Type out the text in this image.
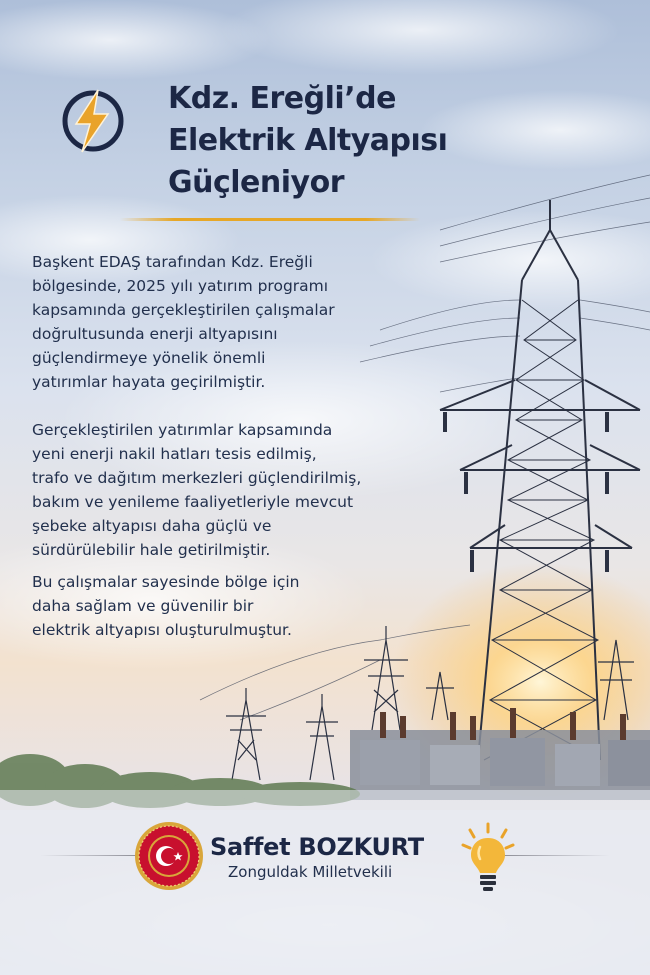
Kdz. Ereğli’de
Elektrik Altyapısı
Güçleniyor
Başkent EDAŞ tarafından Kdz. Ereğli
bölgesinde, 2025 yılı yatırım programı
kapsamında gerçekleştirilen çalışmalar
doğrultusunda enerji altyapısını
güçlendirmeye yönelik önemli
yatırımlar hayata geçirilmiştir.
Gerçekleştirilen yatırımlar kapsamında
yeni enerji nakil hatları tesis edilmiş,
trafo ve dağıtım merkezleri güçlendirilmiş,
bakım ve yenileme faaliyetleriyle mevcut
şebeke altyapısı daha güçlü ve
sürdürülebilir hale getirilmiştir.
Bu çalışmalar sayesinde bölge için
daha sağlam ve güvenilir bir
elektrik altyapısı oluşturulmuştur.
Saffet BOZKURT
Zonguldak Milletvekili
